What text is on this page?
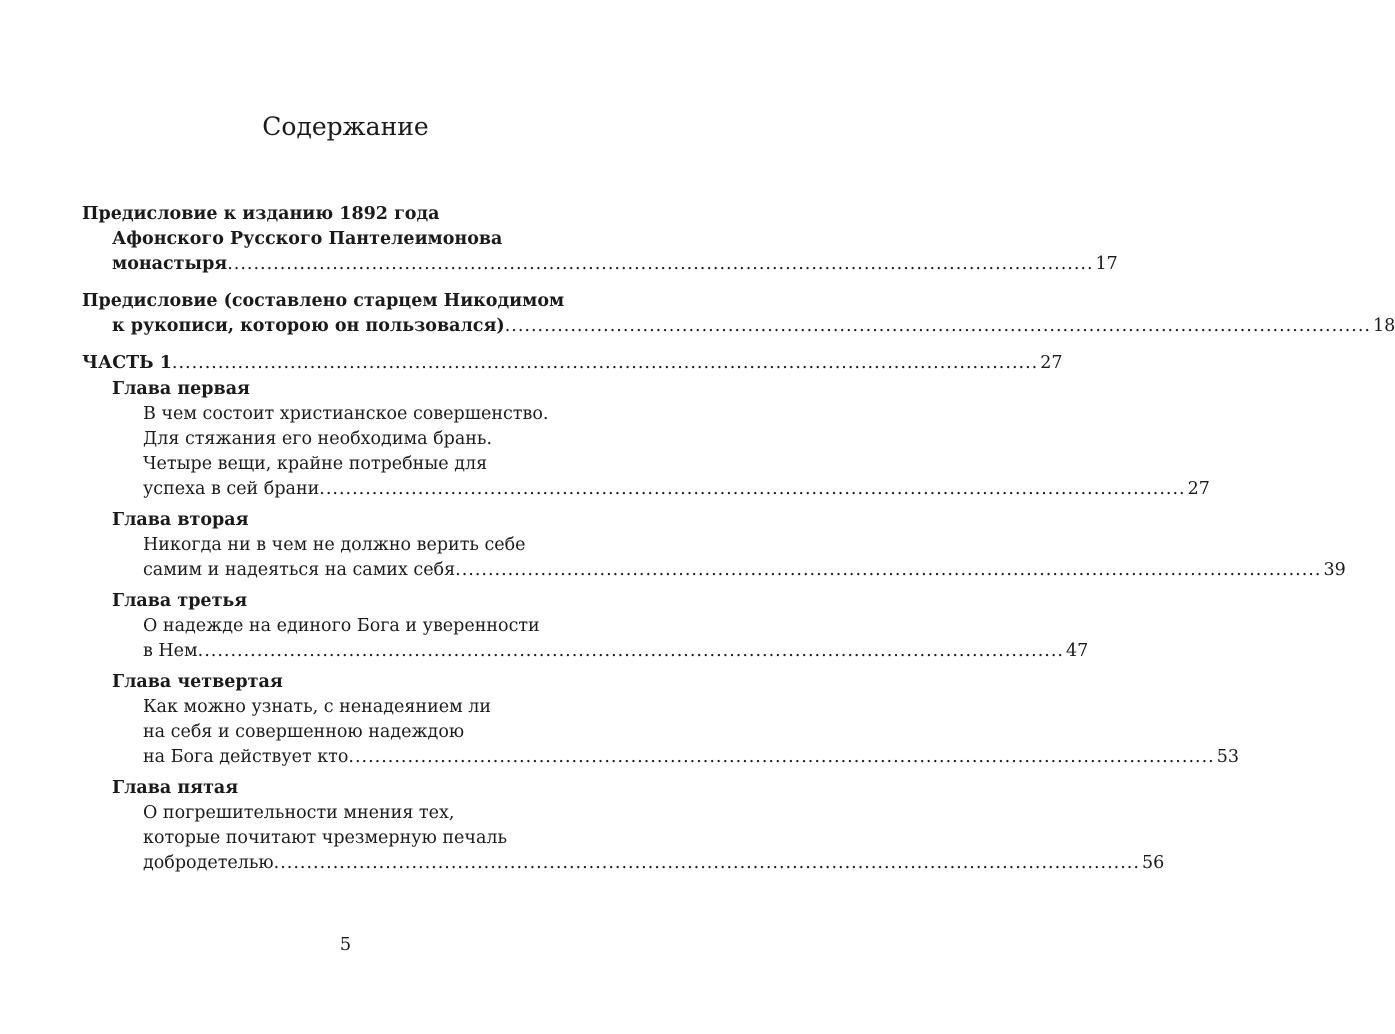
Содержание
Предисловие к изданию 1892 года
Афонского Русского Пантелеимонова
монастыря .................................................................................................................................... 17
Предисловие (составлено старцем Никодимом
к рукописи, которою он пользовался) .................................................................................................................................... 18
ЧАСТЬ 1 .................................................................................................................................... 27
Глава первая
В чем состоит христианское совершенство.
Для стяжания его необходима брань.
Четыре вещи, крайне потребные для
успеха в сей брани .................................................................................................................................... 27
Глава вторая
Никогда ни в чем не должно верить себе
самим и надеяться на самих себя .................................................................................................................................... 39
Глава третья
О надежде на единого Бога и уверенности
в Нем .................................................................................................................................... 47
Глава четвертая
Как можно узнать, с ненадеянием ли
на себя и совершенною надеждою
на Бога действует кто .................................................................................................................................... 53
Глава пятая
О погрешительности мнения тех,
которые почитают чрезмерную печаль
добродетелью .................................................................................................................................... 56
5
